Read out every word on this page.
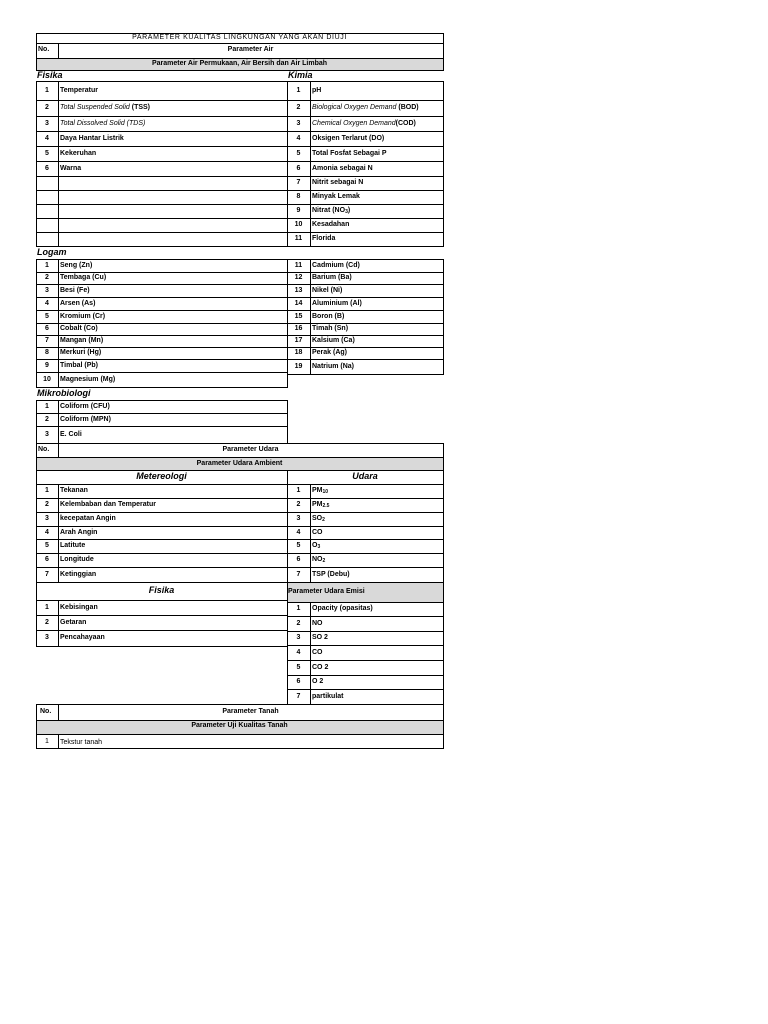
PARAMETER KUALITAS LINGKUNGAN YANG AKAN DIUJI
No.	Parameter Air
Parameter Air Permukaan, Air Bersih dan Air Limbah
Fisika	Kimia
1	Temperatur
2	Total Suspended Solid (TSS)
3	Total Dissolved Solid (TDS)
4	Daya Hantar Listrik
5	Kekeruhan
6	Warna
1	pH
2	Biological Oxygen Demand (BOD)
3	Chemical Oxygen Demand(COD)
4	Oksigen Terlarut (DO)
5	Total Fosfat Sebagai P
6	Amonia sebagai N
7	Nitrit sebagai N
8	Minyak Lemak
9	Nitrat $(NO_3)$
10	Kesadahan
11	Florida
Logam
1	Seng (Zn)
2	Tembaga (Cu)
3	Besi (Fe)
4	Arsen (As)
5	Kromium (Cr)
6	Cobalt (Co)
7	Mangan (Mn)
8	Merkuri (Hg)
9	Timbal (Pb)
10	Magnesium (Mg)
11	Cadmium (Cd)
12	Barium (Ba)
13	Nikel (Ni)
14	Aluminium (Al)
15	Boron (B)
16	Timah (Sn)
17	Kalsium (Ca)
18	Perak (Ag)
19	Natrium (Na)
Mikrobiologi
1	Coliform (CFU)
2	Coliform (MPN)
3	E. Coli
No.	Parameter Udara
Parameter Udara Ambient
Metereologi	Udara
1	Tekanan
2	Kelembaban dan Temperatur
3	kecepatan Angin
4	Arah Angin
5	Latitute
6	Longitude
7	Ketinggian
1	$PM_{10}$
2	$PM_{2.5}$
3	$SO_2$
4	CO
5	$O_3$
6	$NO_2$
7	TSP (Debu)
Fisika	Parameter Udara Emisi
1	Kebisingan
2	Getaran
3	Pencahayaan
1	Opacity (opasitas)
2	NO
3	SO 2
4	CO
5	CO 2
6	O 2
7	partikulat
No.	Parameter Tanah
Parameter Uji Kualitas Tanah
1	Tekstur tanah
